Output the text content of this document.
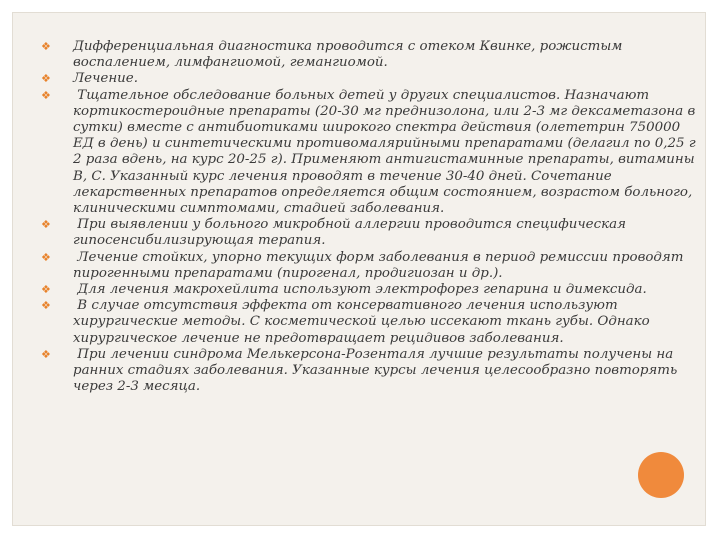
❖ Дифференциальная диагностика проводится с отеком Квинке, рожистым воспалением, лимфангиомой, гемангиомой.
❖ Лечение.
❖ Тщательное обследование больных детей у других специалистов. Назначают кортикостероидные препараты (20-30 мг преднизолона, или 2-3 мг дексаметазона в сутки) вместе с антибиотиками широкого спектра действия (олететрин 750000 ЕД в день) и синтетическими противомалярийными препаратами (делагил по 0,25 г 2 раза вдень, на курс 20-25 г). Применяют антигистаминные препараты, витамины В, С. Указанный курс лечения проводят в течение 30-40 дней. Сочетание лекарственных препаратов определяется общим состоянием, возрастом больного, клиническими симптомами, стадией заболевания.
❖ При выявлении у больного микробной аллергии проводится специфическая гипосенсибилизирующая терапия.
❖ Лечение стойких, упорно текущих форм заболевания в период ремиссии проводят пирогенными препаратами (пирогенал, продигиозан и др.).
❖ Для лечения макрохейлита используют электрофорез гепарина и димексида.
❖ В случае отсутствия эффекта от консервативного лечения используют хирургические методы. С косметической целью иссекают ткань губы. Однако хирургическое лечение не предотвращает рецидивов заболевания.
❖ При лечении синдрома Мелькерсона-Розенталя лучшие результаты получены на ранних стадиях заболевания. Указанные курсы лечения целесообразно повторять через 2-3 месяца.
